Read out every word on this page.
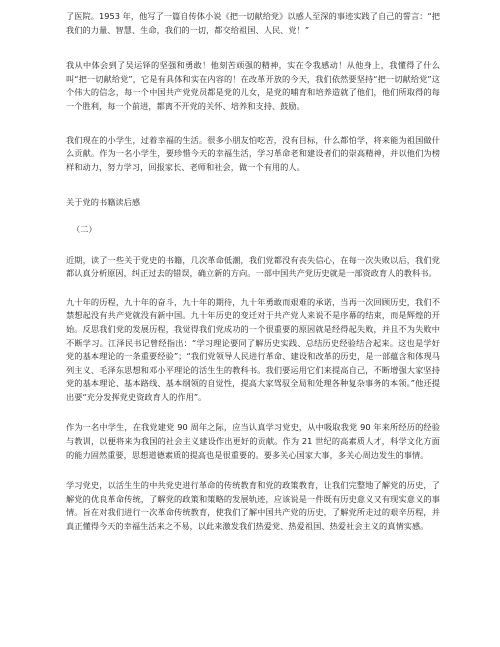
了医院。1953 年，他写了一篇自传体小说《把一切献给党》以感人至深的事迹实践了自己的誓言：“把我们的力量、智慧、生命，我们的一切，都交给祖国、人民、党！”

我从中体会到了吴运铎的坚强和勇敢！他刻苦顽强的精神，实在令我感动！从他身上，我懂得了什么叫“把一切献给党”，它是有具体和实在内容的！在改革开放的今天，我们依然要坚持“把一切献给党”这个伟大的信念，每一个中国共产党党员都是党的儿女，是党的哺育和培养造就了他们，他们所取得的每一个胜利，每一个前进，都离不开党的关怀、培养和支持、鼓励。

我们现在的小学生，过着幸福的生活。很多小朋友怕吃苦，没有目标，什么都怕学，将来能为祖国做什么贡献。作为一名小学生，要珍惜今天的幸福生活，学习革命老和建设者们的崇高精神，并以他们为榜样和动力，努力学习，回报家长、老师和社会，做一个有用的人。

关于党的书籍读后感

（二）

近期，读了一些关于党史的书籍，几次革命低潮，我们党都没有丧失信心，在每一次失败以后，我们党都认真分析原因，纠正过去的错误，确立新的方向。一部中国共产党历史就是一部资政育人的教科书。

九十年的历程，九十年的奋斗，九十年的期待，九十年勇敢而艰难的承诺，当再一次回顾历史，我们不禁想起没有共产党就没有新中国。九十年历史的变迁对于共产党人来说不是序幕的结束，而是辉煌的开始。反思我们党的发展历程，我觉得我们党成功的一个很重要的原因就是经得起失败，并且不为失败中不断学习。江泽民书记曾经指出：“学习理论要同了解历史实践、总结历史经验结合起来。这也是学好党的基本理论的一条重要经验”；“我们党领导人民进行革命、建设和改革的历史，是一部蕴含和体现马列主义、毛泽东思想和邓小平理论的活生生的教科书。我们要运用它们来提高自己，不断增强大家坚持党的基本理论、基本路线、基本纲领的自觉性，提高大家驾驭全局和处理各种复杂事务的本领。”他还提出要“充分发挥党史资政育人的作用”。

作为一名中学生，在我党建党 90 周年之际，应当认真学习党史，从中吸取我党 90 年来所经历的经验与教训，以便将来为我国的社会主义建设作出更好的贡献。作为 21 世纪的高素质人才，科学文化方面的能力固然重要，思想道德素质的提高也是很重要的。要多关心国家大事，多关心周边发生的事情。

学习党史，以活生生的中共党史进行革命的传统教育和党的政策教育，让我们完整地了解党的历史，了解党的优良革命传统，了解党的政策和策略的发展轨迹，应该说是一件既有历史意义又有现实意义的事情。旨在对我们进行一次革命传统教育，使我们了解中国共产党的历史，了解党所走过的艰辛历程，并真正懂得今天的幸福生活来之不易，以此来激发我们热爱党、热爱祖国、热爱社会主义的真情实感。
